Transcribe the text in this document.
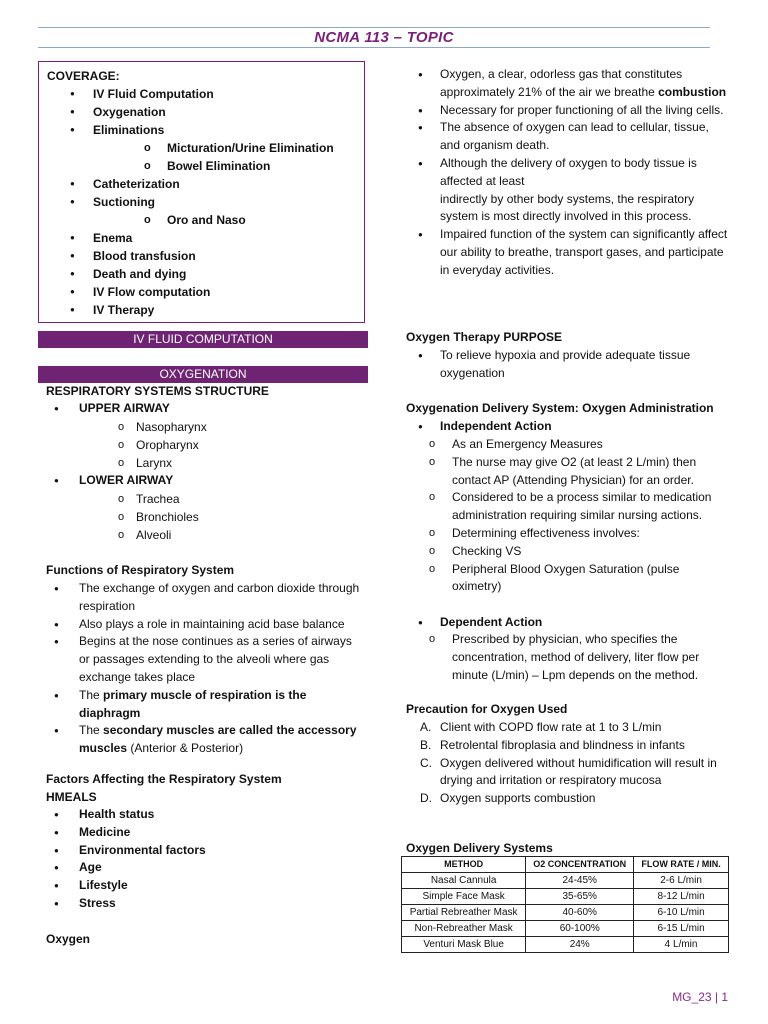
NCMA 113 – TOPIC
COVERAGE:
● IV Fluid Computation
● Oxygenation
● Eliminations
o Micturation/Urine Elimination
o Bowel Elimination
● Catheterization
● Suctioning
o Oro and Naso
● Enema
● Blood transfusion
● Death and dying
● IV Flow computation
● IV Therapy
IV FLUID COMPUTATION
OXYGENATION
RESPIRATORY SYSTEMS STRUCTURE
● UPPER AIRWAY
o Nasopharynx
o Oropharynx
o Larynx
● LOWER AIRWAY
o Trachea
o Bronchioles
o Alveoli
Functions of Respiratory System
● The exchange of oxygen and carbon dioxide through respiration
● Also plays a role in maintaining acid base balance
● Begins at the nose continues as a series of airways or passages extending to the alveoli where gas exchange takes place
● The primary muscle of respiration is the diaphragm
● The secondary muscles are called the accessory muscles (Anterior & Posterior)
Factors Affecting the Respiratory System
HMEALS
● Health status
● Medicine
● Environmental factors
● Age
● Lifestyle
● Stress
Oxygen
● Oxygen, a clear, odorless gas that constitutes approximately 21% of the air we breathe combustion
● Necessary for proper functioning of all the living cells.
● The absence of oxygen can lead to cellular, tissue, and organism death.
● Although the delivery of oxygen to body tissue is affected at least
indirectly by other body systems, the respiratory system is most directly involved in this process.
● Impaired function of the system can significantly affect our ability to breathe, transport gases, and participate in everyday activities.
Oxygen Therapy PURPOSE
● To relieve hypoxia and provide adequate tissue oxygenation
Oxygenation Delivery System: Oxygen Administration
● Independent Action
o As an Emergency Measures
o The nurse may give O2 (at least 2 L/min) then contact AP (Attending Physician) for an order.
o Considered to be a process similar to medication administration requiring similar nursing actions.
o Determining effectiveness involves:
o Checking VS
o Peripheral Blood Oxygen Saturation (pulse oximetry)
● Dependent Action
o Prescribed by physician, who specifies the concentration, method of delivery, liter flow per minute (L/min) – Lpm depends on the method.
Precaution for Oxygen Used
A. Client with COPD flow rate at 1 to 3 L/min
B. Retrolental fibroplasia and blindness in infants
C. Oxygen delivered without humidification will result in drying and irritation or respiratory mucosa
D. Oxygen supports combustion
Oxygen Delivery Systems
METHOD	O2 CONCENTRATION	FLOW RATE / MIN.
Nasal Cannula	24-45%	2-6 L/min
Simple Face Mask	35-65%	8-12 L/min
Partial Rebreather Mask	40-60%	6-10 L/min
Non-Rebreather Mask	60-100%	6-15 L/min
Venturi Mask Blue	24%	4 L/min
MG_23 | 1
